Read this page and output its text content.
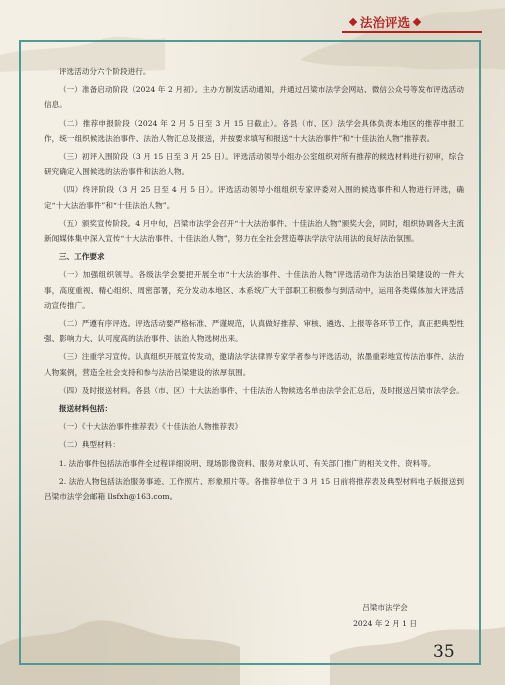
法治评选

评选活动分六个阶段进行。

（一）准备启动阶段（2024 年 2 月初）。主办方制发活动通知，并通过吕梁市法学会网站、微信公众号等发布评选活动信息。

（二）推荐申报阶段（2024 年 2 月 5 日至 3 月 15 日截止）。各县（市、区）法学会具体负责本地区的推荐申报工作，统一组织候选法治事件、法治人物汇总及报送，并按要求填写和报送“十大法治事件”和“十佳法治人物”推荐表。

（三）初评入围阶段（3 月 15 日至 3 月 25 日）。评选活动领导小组办公室组织对所有推荐的候选材料进行初审，综合研究确定入围候选的法治事件和法治人物。

（四）终评阶段（3 月 25 日至 4 月 5 日）。评选活动领导小组组织专家评委对入围的候选事件和人物进行评选，确定“十大法治事件”和“十佳法治人物”。

（五）颁奖宣传阶段。4 月中旬，吕梁市法学会召开“十大法治事件、十佳法治人物”颁奖大会，同时，组织协调各大主流新闻媒体集中深入宣传“十大法治事件、十佳法治人物”，努力在全社会营造尊法学法守法用法的良好法治氛围。

三、工作要求

（一）加强组织领导。各级法学会要把开展全市“十大法治事件、十佳法治人物”评选活动作为法治吕梁建设的一件大事，高度重视、精心组织、周密部署，充分发动本地区、本系统广大干部职工积极参与到活动中，运用各类媒体加大评选活动宣传推广。

（二）严遵有序评选。评选活动要严格标准、严谨规范，认真做好推荐、审核、遴选、上报等各环节工作，真正把典型性强、影响力大、认可度高的法治事件、法治人物选树出来。

（三）注重学习宣传。认真组织开展宣传发动，邀请法学法律界专家学者参与评选活动，浓墨重彩地宣传法治事件、法治人物案例，营造全社会支持和参与法治吕梁建设的浓厚氛围。

（四）及时报送材料。各县（市、区）十大法治事件、十佳法治人物候选名单由法学会汇总后，及时报送吕梁市法学会。

报送材料包括：

（一）《十大法治事件推荐表》《十佳法治人物推荐表》

（二）典型材料：

1. 法治事件包括法治事件全过程详细说明、现场影像资料、服务对象认可、有关部门推广的相关文件、资料等。

2. 法治人物包括法治服务事迹、工作照片、形象照片等。各推荐单位于 3 月 15 日前将推荐表及典型材料电子版报送到吕梁市法学会邮箱 llsfxh@163.com。

吕梁市法学会
2024 年 2 月 1 日
35
